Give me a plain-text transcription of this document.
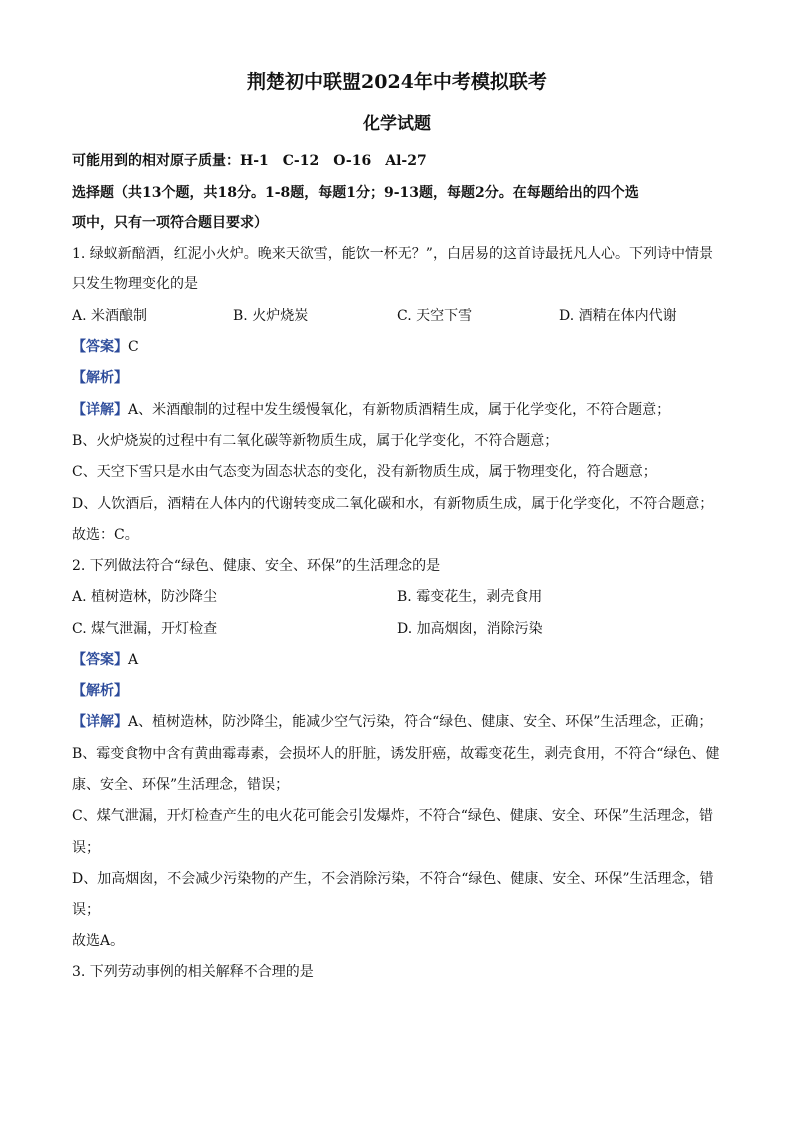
荆楚初中联盟2024年中考模拟联考
化学试题
可能用到的相对原子质量：H-1　C-12　O-16　Al-27
选择题（共13个题，共18分。1-8题，每题1分；9-13题，每题2分。在每题给出的四个选
项中，只有一项符合题目要求）
1. 绿蚁新醅酒，红泥小火炉。晚来天欲雪，能饮一杯无？”，白居易的这首诗最抚凡人心。下列诗中情景
只发生物理变化的是
A. 米酒酿制	B. 火炉烧炭	C. 天空下雪	D. 酒精在体内代谢
【答案】C
【解析】
【详解】A、米酒酿制的过程中发生缓慢氧化，有新物质酒精生成，属于化学变化，不符合题意；
B、火炉烧炭的过程中有二氧化碳等新物质生成，属于化学变化，不符合题意；
C、天空下雪只是水由气态变为固态状态的变化，没有新物质生成，属于物理变化，符合题意；
D、人饮酒后，酒精在人体内的代谢转变成二氧化碳和水，有新物质生成，属于化学变化，不符合题意；
故选：C。
2. 下列做法符合“绿色、健康、安全、环保”的生活理念的是
A. 植树造林，防沙降尘	B. 霉变花生，剥壳食用
C. 煤气泄漏，开灯检查	D. 加高烟囱，消除污染
【答案】A
【解析】
【详解】A、植树造林，防沙降尘，能减少空气污染，符合“绿色、健康、安全、环保”生活理念，正确；
B、霉变食物中含有黄曲霉毒素，会损坏人的肝脏，诱发肝癌，故霉变花生，剥壳食用，不符合“绿色、健
康、安全、环保”生活理念，错误；
C、煤气泄漏，开灯检查产生的电火花可能会引发爆炸，不符合“绿色、健康、安全、环保”生活理念，错
误；
D、加高烟囱，不会减少污染物的产生，不会消除污染，不符合“绿色、健康、安全、环保”生活理念，错
误；
故选A。
3. 下列劳动事例的相关解释不合理的是
